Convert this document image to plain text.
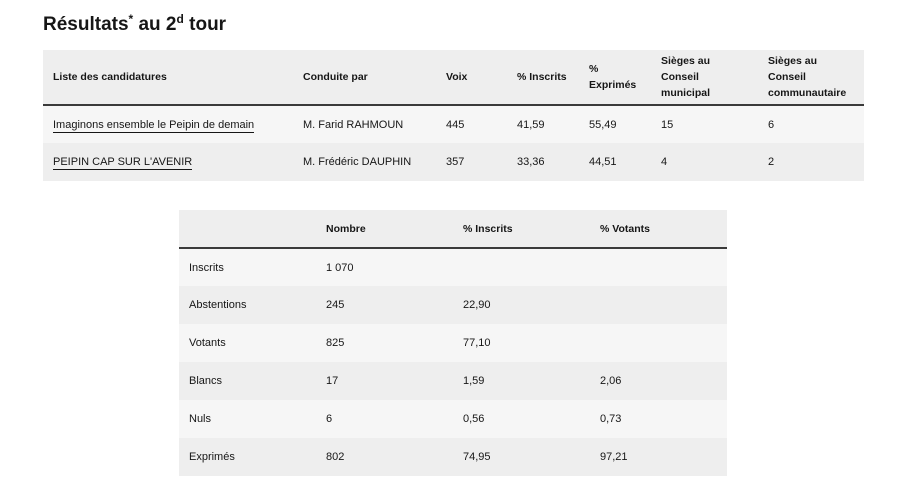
Résultats* au 2$^d$ tour
Liste des candidatures	Conduite par	Voix	% Inscrits	% Exprimés	Sièges au Conseil municipal	Sièges au Conseil communautaire
Imaginons ensemble le Peipin de demain	M. Farid RAHMOUN	445	41,59	55,49	15	6
PEIPIN CAP SUR L'AVENIR	M. Frédéric DAUPHIN	357	33,36	44,51	4	2
	Nombre	% Inscrits	% Votants
Inscrits	1 070		
Abstentions	245	22,90	
Votants	825	77,10	
Blancs	17	1,59	2,06
Nuls	6	0,56	0,73
Exprimés	802	74,95	97,21
